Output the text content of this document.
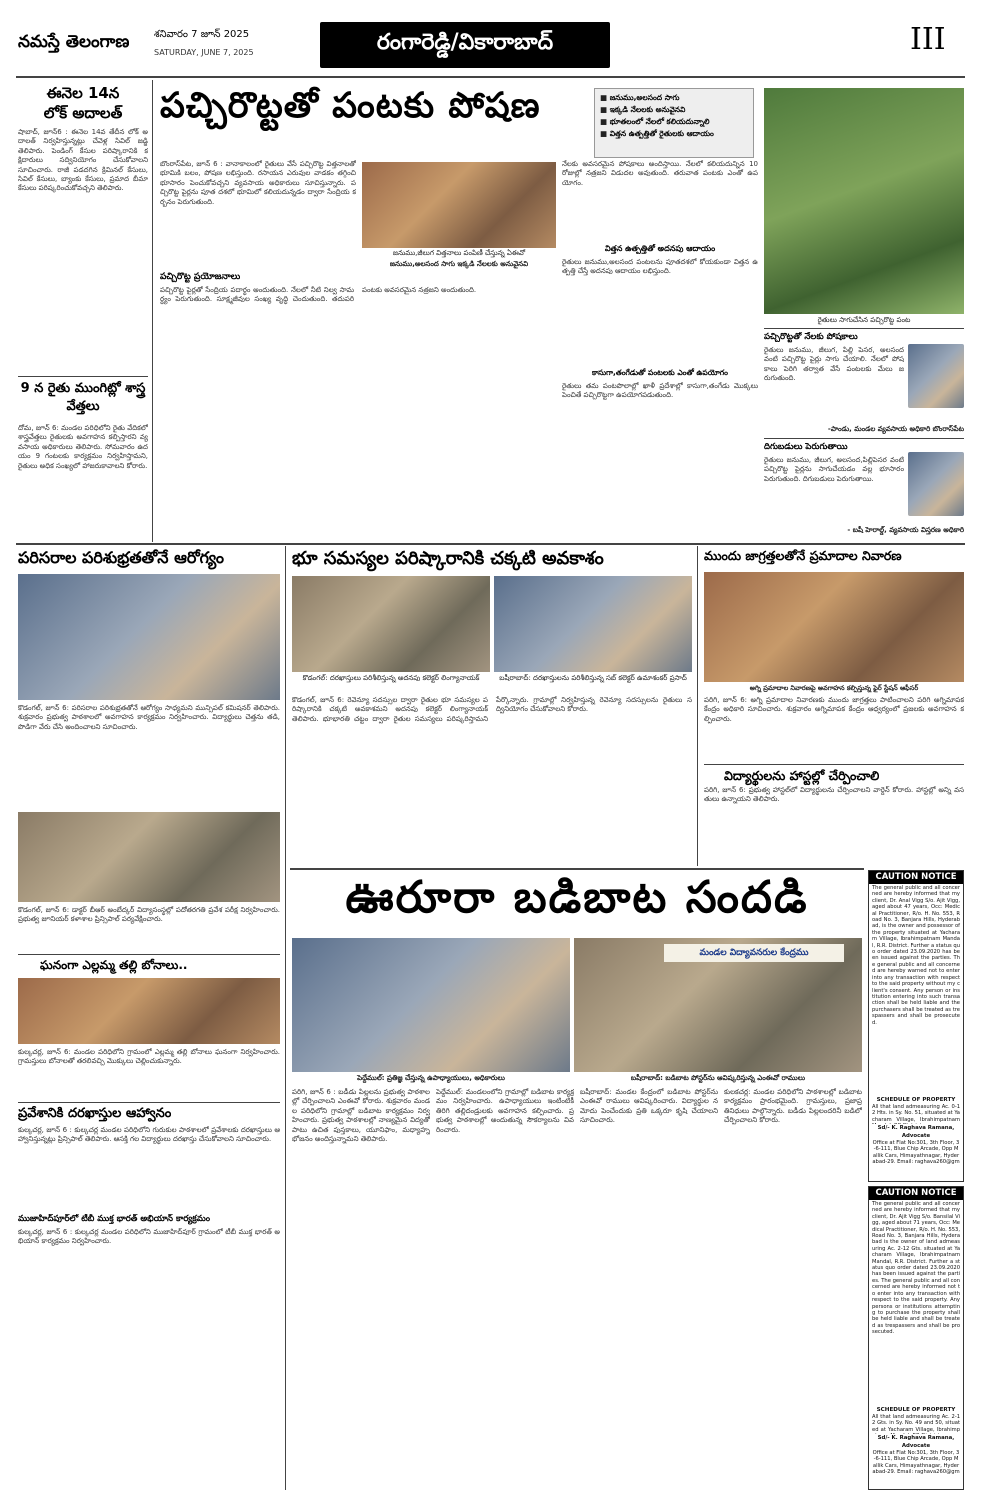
నమస్తే తెలంగాణ శనివారం 7 జూన్ 2025
SATURDAY, JUNE 7, 2025	రంగారెడ్డి/వికారాబాద్	III
ఈనెల 14న
లోక్ అదాలత్
షాబాద్, జూన్6 : ఈనెల 14వ తేదీన లోక్ అదాలత్ నిర్వహిస్తున్నట్లు చేవెళ్ల సివిల్ జడ్జి తెలిపారు. పెండింగ్ కేసుల పరిష్కారానికి కక్షిదారులు సద్వినియోగం చేసుకోవాలని సూచించారు. రాజీ పడదగిన క్రిమినల్ కేసులు, సివిల్ కేసులు, బ్యాంకు కేసులు, ప్రమాద బీమా కేసులు పరిష్కరించుకోవచ్చని తెలిపారు.
9 న రైతు ముంగిట్లో శాస్త్రవేత్తలు
దోమ, జూన్ 6: మండల పరిధిలోని రైతు వేదికలో శాస్త్రవేత్తలు రైతులకు అవగాహన కల్పిస్తారని వ్యవసాయ అధికారులు తెలిపారు. సోమవారం ఉదయం 9 గంటలకు కార్యక్రమం నిర్వహిస్తామని, రైతులు అధిక సంఖ్యలో హాజరుకావాలని కోరారు.
పచ్చిరొట్టతో పంటకు పోషణ
■	జనుము,అలసంద సాగు
■ ఇక్కడి నేలలకు అనువైనవి
■ భూతలంలో నేలలో కలియదున్నాలి
■ విత్తన ఉత్పత్తితో రైతులకు ఆదాయం
బొంరాస్‌పేట, జూన్ 6 : వానాకాలంలో రైతులు వేసే పచ్చిరొట్ట విత్తనాలతో భూమికి బలం, పోషణ లభిస్తుంది. రసాయన ఎరువుల వాడకం తగ్గించి భూసారం పెంచుకోవచ్చని వ్యవసాయ అధికారులు సూచిస్తున్నారు. పచ్చిరొట్ట పైర్లను పూత దశలో భూమిలో కలియదున్నడం ద్వారా సేంద్రియ కర్బనం పెరుగుతుంది.
పచ్చిరొట్ట ప్రయోజనాలు
పచ్చిరొట్ట పైర్లతో సేంద్రియ పదార్థం అందుతుంది. నేలలో నీటి నిల్వ సామర్థ్యం పెరుగుతుంది. సూక్ష్మజీవుల సంఖ్య వృద్ధి చెందుతుంది. తదుపరి పంటకు అవసరమైన నత్రజని అందుతుంది.
జనుము,జీలుగ విత్తనాలు పంపిణీ చేస్తున్న ఏఈవో
జనుము,అలసంద సాగు ఇక్కడి నేలలకు అనువైనవి
నేలకు అవసరమైన పోషకాలు అందిస్తాయి. నేలలో కలియదున్నిన 10 రోజుల్లో నత్రజని విడుదల అవుతుంది. తరువాత పంటకు ఎంతో ఉపయోగం.
విత్తన ఉత్పత్తితో అదనపు ఆదాయం
రైతులు జనుము,అలసంద పంటలను పూతదశలో కోయకుండా విత్తన ఉత్పత్తి చేస్తే అదనపు ఆదాయం లభిస్తుంది.
కాసుగా,తంగేడుతో పంటలకు ఎంతో ఉపయోగం
రైతులు తమ పంటపొలాల్లో ఖాళీ ప్రదేశాల్లో కాసుగా,తంగేడు మొక్కలు పెంచితే పచ్చిరొట్టగా ఉపయోగపడుతుంది.
రైతులు సాగుచేసిన పచ్చిరొట్ట పంట
పచ్చిరొట్టతో నేలకు పోషకాలు
రైతులు జనుము, జీలుగ, పిల్లి పెసర, అలసంద వంటి పచ్చిరొట్ట పైర్లు సాగు చేయాలి. నేలలో పోషకాలు పెరిగి తర్వాత వేసే పంటలకు మేలు జరుగుతుంది.
-పాండు, మండల వ్యవసాయ అధికారి బొంరాస్‌పేట
దిగుబడులు పెరుగుతాయి
రైతులు జనుము, జీలుగ, అలసంద,పిల్లిపెసర వంటి పచ్చిరొట్ట పైర్లను సాగుచేయడం వల్ల భూసారం పెరుగుతుంది. దిగుబడులు పెరుగుతాయి.
- బషీ హెరాల్డ్, వ్యవసాయ విస్తరణ అధికారి
పరిసరాల పరిశుభ్రతతోనే ఆరోగ్యం
కొడంగల్, జూన్ 6: పరిసరాల పరిశుభ్రతతోనే ఆరోగ్యం సాధ్యమని మున్సిపల్ కమిషనర్ తెలిపారు. శుక్రవారం ప్రభుత్వ పాఠశాలలో అవగాహన కార్యక్రమం నిర్వహించారు. విద్యార్థులు చెత్తను తడి, పొడిగా వేరు చేసి అందించాలని సూచించారు.
కొడంగల్, జూన్ 6: డాక్టర్ బీఆర్ అంబేద్కర్ విద్యాసంస్థల్లో పదోతరగతి ప్రవేశ పరీక్ష నిర్వహించారు. ప్రభుత్వ జూనియర్ కళాశాల ప్రిన్సిపాల్ పర్యవేక్షించారు.
ఘనంగా ఎల్లమ్మ తల్లి బోనాలు..
కుల్కచర్ల, జూన్ 6: మండల పరిధిలోని గ్రామంలో ఎల్లమ్మ తల్లి బోనాలు ఘనంగా నిర్వహించారు. గ్రామస్తులు బోనాలతో తరలివచ్చి మొక్కులు చెల్లించుకున్నారు.
ప్రవేశానికి దరఖాస్తుల ఆహ్వానం
కుల్కచర్ల, జూన్ 6 : కుల్కచర్ల మండల పరిధిలోని గురుకుల పాఠశాలలో ప్రవేశాలకు దరఖాస్తులు ఆహ్వానిస్తున్నట్లు ప్రిన్సిపాల్ తెలిపారు. ఆసక్తి గల విద్యార్థులు దరఖాస్తు చేసుకోవాలని సూచించారు.
ముజాహిద్‌పూర్‌లో టీబీ ముక్త భారత్ అభియాన్ కార్యక్రమం
కుల్కచర్ల, జూన్ 6 : కుల్కచర్ల మండల పరిధిలోని ముజాహిద్‌పూర్ గ్రామంలో టీబీ ముక్త భారత్ అభియాన్ కార్యక్రమం నిర్వహించారు.
భూ సమస్యల పరిష్కారానికి చక్కటి అవకాశం
కొడంగల్: దరఖాస్తులు పరిశీలిస్తున్న అదనపు కలెక్టర్ లింగ్యానాయక్	బషీరాబాద్: ద‌ర‌ఖాస్తులను పరిశీలిస్తున్న సబ్ కలెక్టర్ ఉమాశంకర్ ప్రసాద్
కొడంగల్, జూన్ 6: రెవెన్యూ సదస్సుల ద్వారా రైతుల భూ సమస్యల పరిష్కారానికి చక్కటి అవకాశమని అదనపు కలెక్టర్ లింగ్యానాయక్ తెలిపారు. భూభారతి చట్టం ద్వారా రైతుల సమస్యలు పరిష్కరిస్తామని పేర్కొన్నారు. గ్రామాల్లో నిర్వహిస్తున్న రెవెన్యూ సదస్సులను రైతులు సద్వినియోగం చేసుకోవాలని కోరారు.
ముందు జాగ్రత్తలతోనే ప్రమాదాల నివారణ
అగ్ని ప్రమాదాల నివారణపై అవగాహన కల్పిస్తున్న ఫైర్ స్టేషన్ ఆఫీసర్
పరిగి, జూన్ 6: అగ్ని ప్రమాదాల నివారణకు ముందు జాగ్రత్తలు పాటించాలని పరిగి అగ్నిమాపక కేంద్రం అధికారి సూచించారు. శుక్రవారం అగ్నిమాపక కేంద్రం ఆధ్వర్యంలో ప్రజలకు అవగాహన కల్పించారు.
విద్యార్థులను హాస్టల్లో చేర్పించాలి
పరిగి, జూన్ 6: ప్రభుత్వ హాస్టల్‌లో విద్యార్థులను చేర్పించాలని వార్డెన్ కోరారు. హాస్టల్లో అన్ని వసతులు ఉన్నాయని తెలిపారు.
CAUTION NOTICE
The general public and all concerned are hereby informed that my client, Dr. Anal Vigg S/o. Ajit Vigg, aged about 47 years, Occ: Medical Practitioner, R/o. H. No. 553, Road No. 3, Banjara Hills, Hyderabad, is the owner and possessor of the property situated at Yacharam Village, Ibrahimpatnam Mandal, R.R. District. Further a status quo order dated 23.09.2020 has been issued against the parties. The general public and all concerned are hereby warned not to enter into any transaction with respect to the said property without my client's consent. Any person or institution entering into such transaction shall be held liable and the purchasers shall be treated as trespassers and shall be prosecuted.
SCHEDULE OF PROPERTY
All that land admeasuring Ac. 0-12 Hts. in Sy. No. 51, situated at Yacharam Village, Ibrahimpatnam
Sd/- K. Raghava Ramana, Advocate
Office at Flat No:301, 3th Floor, 3-6-111, Blue Chip Arcade, Opp Mallik Cars, Himayathnagar, Hyderabad-29. Email: raghava260@gm
CAUTION NOTICE
The general public and all concerned are hereby informed that my client, Dr. Ajit Vigg S/o. Bansilal Vigg, aged about 71 years, Occ: Medical Practitioner, R/o. H. No. 553, Road No. 3, Banjara Hills, Hyderabad is the owner of land admeasuring Ac. 2-12 Gts. situated at Yacharam Village, Ibrahimpatnam Mandal, R.R. District. Further a status quo order dated 23.09.2020 has been issued against the parties. The general public and all concerned are hereby informed not to enter into any transaction with respect to the said property. Any persons or institutions attempting to purchase the property shall be held liable and shall be treated as trespassers and shall be prosecuted.
SCHEDULE OF PROPERTY
All that land admeasuring Ac. 2-12 Gts. in Sy. No. 49 and 50, situated at Yacharam Village, Ibrahimp
Sd/- K. Raghava Ramana, Advocate
Office at Flat No:301, 3th Floor, 3-6-111, Blue Chip Arcade, Opp Mallik Cars, Himayathnagar, Hyderabad-29. Email: raghava260@gm
ఊరూరా బడిబాట సందడి
మండల విద్యావనరుల కేంద్రము
పెద్దేముల్: ప్రతిజ్ఞ చేస్తున్న ఉపాధ్యాయులు, అధికారులు	బషీరాబాద్: బడిబాట పోస్టర్‌ను ఆవిష్కరిస్తున్న ఎంఈవో రాములు
పరిగి, జూన్ 6 : బడీడు పిల్లలను ప్రభుత్వ పాఠశాలల్లో చేర్పించాలని ఎంఈవో కోరారు. శుక్రవారం మండల పరిధిలోని గ్రామాల్లో బడిబాట కార్యక్రమం నిర్వహించారు. ప్రభుత్వ పాఠశాలల్లో నాణ్యమైన విద్యతో పాటు ఉచిత పుస్తకాలు, యూనిఫాం, మధ్యాహ్న భోజనం అందిస్తున్నామని తెలిపారు.
పెద్దేముల్: మండలంలోని గ్రామాల్లో బడిబాట కార్యక్రమం నిర్వహించారు. ఉపాధ్యాయులు ఇంటింటికీ తిరిగి తల్లిదండ్రులకు అవగాహన కల్పించారు. ప్రభుత్వ పాఠశాలల్లో అందుతున్న సౌకర్యాలను వివరించారు.
బషీరాబాద్: మండల కేంద్రంలో బడిబాట పోస్టర్‌ను ఎంఈవో రాములు ఆవిష్కరించారు. విద్యార్థుల నమోదు పెంచేందుకు ప్రతి ఒక్కరూ కృషి చేయాలని సూచించారు.
కులకచర్ల: మండల పరిధిలోని పాఠశాలల్లో బడిబాట కార్యక్రమం ప్రారంభమైంది. గ్రామస్తులు, ప్రజాప్రతినిధులు పాల్గొన్నారు. బడీడు పిల్లలందరినీ బడిలో చేర్పించాలని కోరారు.
